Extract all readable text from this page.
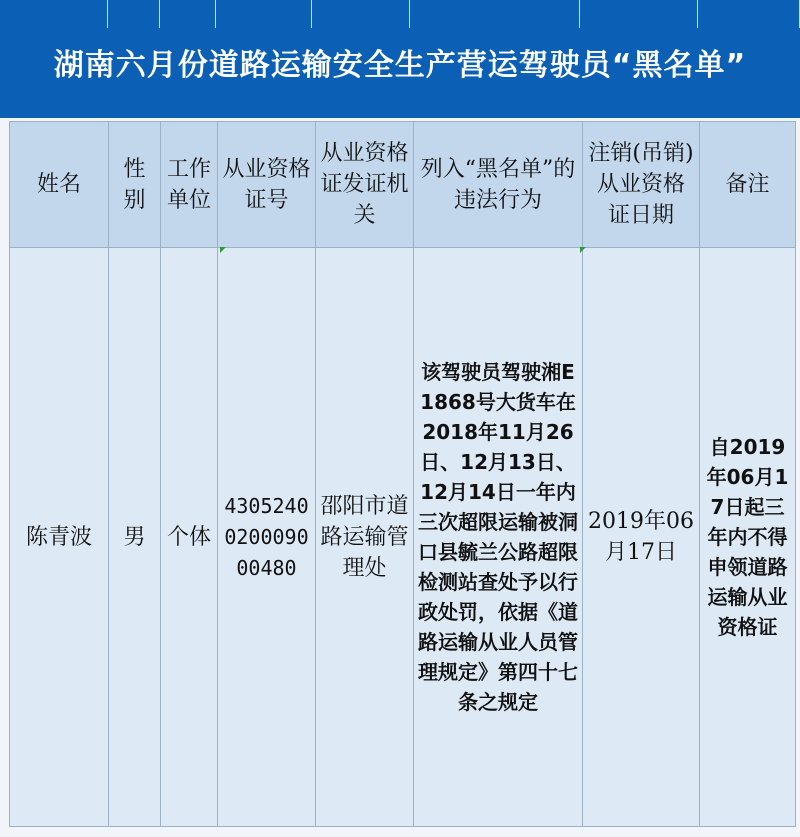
湖南六月份道路运输安全生产营运驾驶员“黑名单”
姓名	性别	工作单位	从业资格证号	从业资格证发证机关	列入“黑名单”的违法行为	注销(吊销)从业资格证日期	备注
陈青波	男	个体	43052400200090 00480	邵阳市道路运输管理处	该驾驶员驾驶湘E1868号大货车在2018年11月26日、12月13日、12月14日一年内三次超限运输被洞口县毓兰公路超限检测站查处予以行政处罚，依据《道路运输从业人员管理规定》第四十七条之规定	2019年06月17日	自2019年06月17日起三年内不得申领道路运输从业资格证
